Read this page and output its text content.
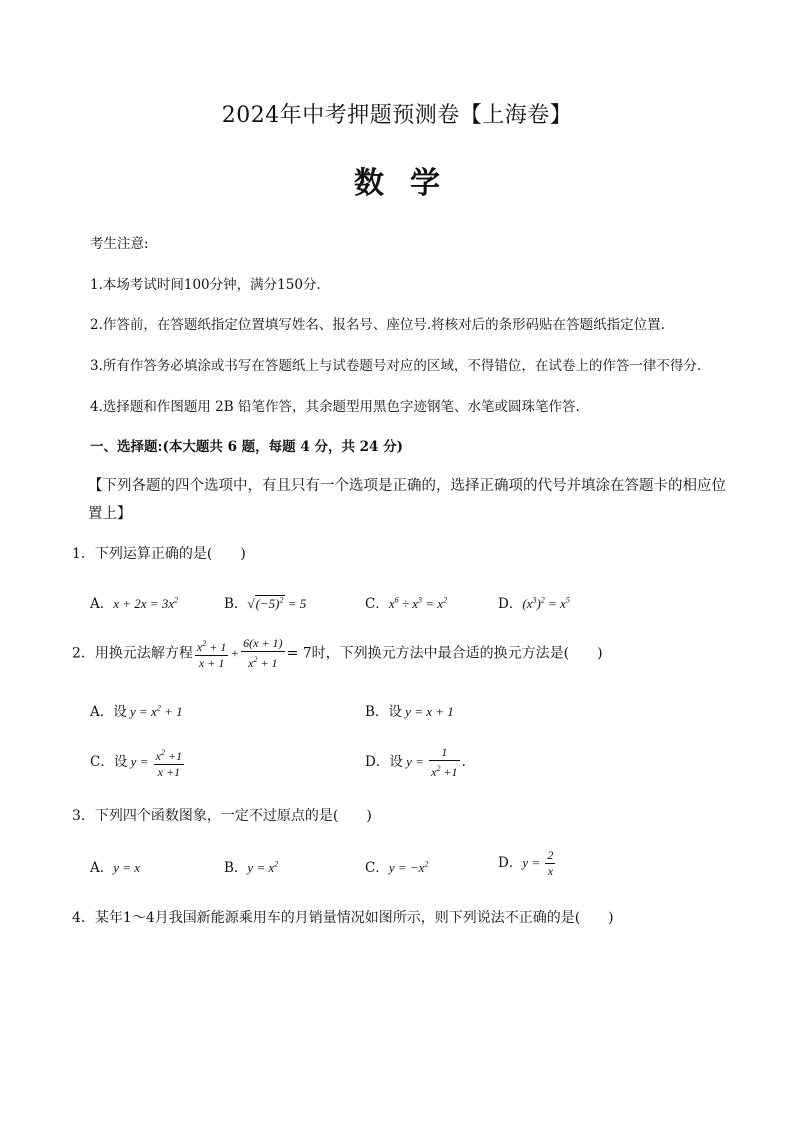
2024年中考押题预测卷【上海卷】
数学
考生注意:
1.本场考试时间100分钟，满分150分.
2.作答前，在答题纸指定位置填写姓名、报名号、座位号.将核对后的条形码贴在答题纸指定位置.
3.所有作答务必填涂或书写在答题纸上与试卷题号对应的区域，不得错位，在试卷上的作答一律不得分.
4.选择题和作图题用 2B 铅笔作答，其余题型用黑色字迹钢笔、水笔或圆珠笔作答.
一、选择题:(本大题共 6 题，每题 4 分，共 24 分)
【下列各题的四个选项中，有且只有一个选项是正确的，选择正确项的代号并填涂在答题卡的相应位置上】
1．下列运算正确的是(　　)
A．$x + 2x = 3x^2$	B．$√(-5)^2 = 5$	C．$x^6 \div x^3 = x^2$	D．$(x^3)^2 = x^5$
2．用换元法解方程 $\frac{x^2 + 1}{x + 1} + \frac{6(x + 1)}{x^2 + 1} = 7$时，下列换元方法中最合适的换元方法是(　　)
A．设 $y = x^2 + 1$	B．设 y = x + 1
C．设 $y = \frac{x^2 +1}{x +1}$	D．设 $y = \frac{1}{x^2 +1}$ .
3．下列四个函数图象，一定不过原点的是(　　)
A．y = x	B．$y = x^2$	C．$y = -x^2$	D．$y = \frac{2}{x}$
4．某年1～4月我国新能源乘用车的月销量情况如图所示，则下列说法不正确的是(　　)
